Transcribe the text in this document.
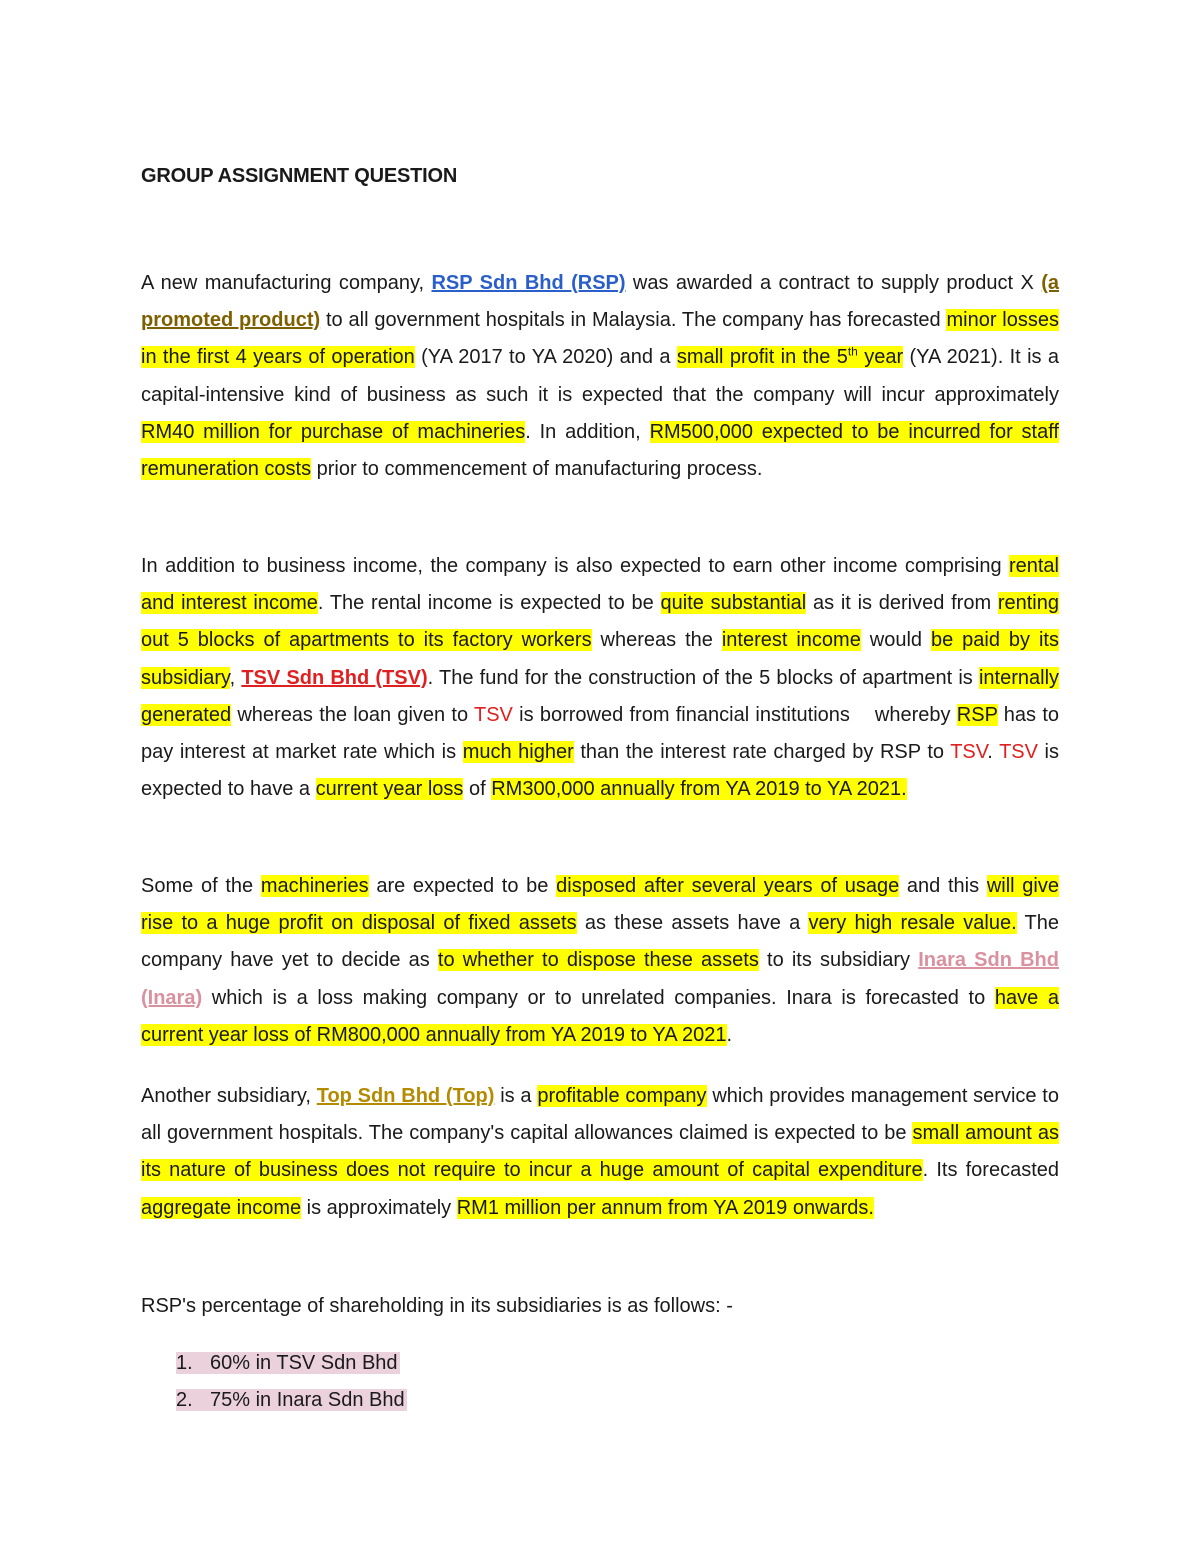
GROUP ASSIGNMENT QUESTION

A new manufacturing company, RSP Sdn Bhd (RSP) was awarded a contract to supply product X (a promoted product) to all government hospitals in Malaysia. The company has forecasted minor losses in the first 4 years of operation (YA 2017 to YA 2020) and a small profit in the 5th year (YA 2021). It is a capital-intensive kind of business as such it is expected that the company will incur approximately RM40 million for purchase of machineries. In addition, RM500,000 expected to be incurred for staff remuneration costs prior to commencement of manufacturing process.

In addition to business income, the company is also expected to earn other income comprising rental and interest income. The rental income is expected to be quite substantial as it is derived from renting out 5 blocks of apartments to its factory workers whereas the interest income would be paid by its subsidiary, TSV Sdn Bhd (TSV). The fund for the construction of the 5 blocks of apartment is internally generated whereas the loan given to TSV is borrowed from financial institutions    whereby RSP has to pay interest at market rate which is much higher than the interest rate charged by RSP to TSV. TSV is expected to have a current year loss of RM300,000 annually from YA 2019 to YA 2021.

Some of the machineries are expected to be disposed after several years of usage and this will give rise to a huge profit on disposal of fixed assets as these assets have a very high resale value. The company have yet to decide as to whether to dispose these assets to its subsidiary Inara Sdn Bhd (Inara) which is a loss making company or to unrelated companies. Inara is forecasted to have a current year loss of RM800,000 annually from YA 2019 to YA 2021.

Another subsidiary, Top Sdn Bhd (Top) is a profitable company which provides management service to all government hospitals. The company's capital allowances claimed is expected to be small amount as its nature of business does not require to incur a huge amount of capital expenditure. Its forecasted aggregate income is approximately RM1 million per annum from YA 2019 onwards.

RSP's percentage of shareholding in its subsidiaries is as follows: -

1. 60% in TSV Sdn Bhd
2. 75% in Inara Sdn Bhd
